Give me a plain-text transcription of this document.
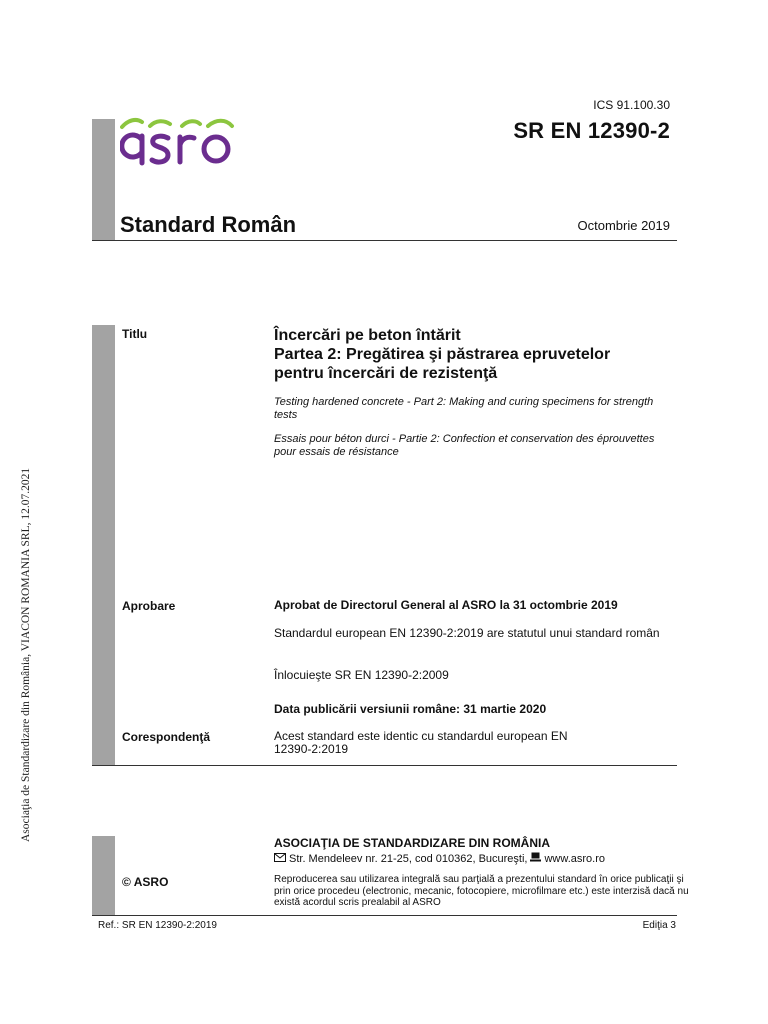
ICS 91.100.30
SR EN 12390-2
Standard Român	Octombrie 2019
Titlu	Încercări pe beton întărit
Partea 2: Pregătirea şi păstrarea epruvetelor
pentru încercări de rezistenţă
Testing hardened concrete - Part 2: Making and curing specimens for strength tests
Essais pour béton durci - Partie 2: Confection et conservation des éprouvettes pour essais de résistance
Aprobare	Aprobat de Directorul General al ASRO la 31 octombrie 2019
Standardul european EN 12390-2:2019 are statutul unui standard român
Înlocuieşte SR EN 12390-2:2009
Data publicării versiunii române: 31 martie 2020
Corespondenţă	Acest standard este identic cu standardul european EN 12390-2:2019
ASOCIAŢIA DE STANDARDIZARE DIN ROMÂNIA
Str. Mendeleev nr. 21-25, cod 010362, Bucureşti, www.asro.ro
© ASRO	Reproducerea sau utilizarea integrală sau parţială a prezentului standard în orice publicaţii şi prin orice procedeu (electronic, mecanic, fotocopiere, microfilmare etc.) este interzisă dacă nu există acordul scris prealabil al ASRO
Ref.: SR EN 12390-2:2019	Ediţia 3
Asociaţia de Standardizare din România, VIACON ROMANIA SRL, 12.07.2021
